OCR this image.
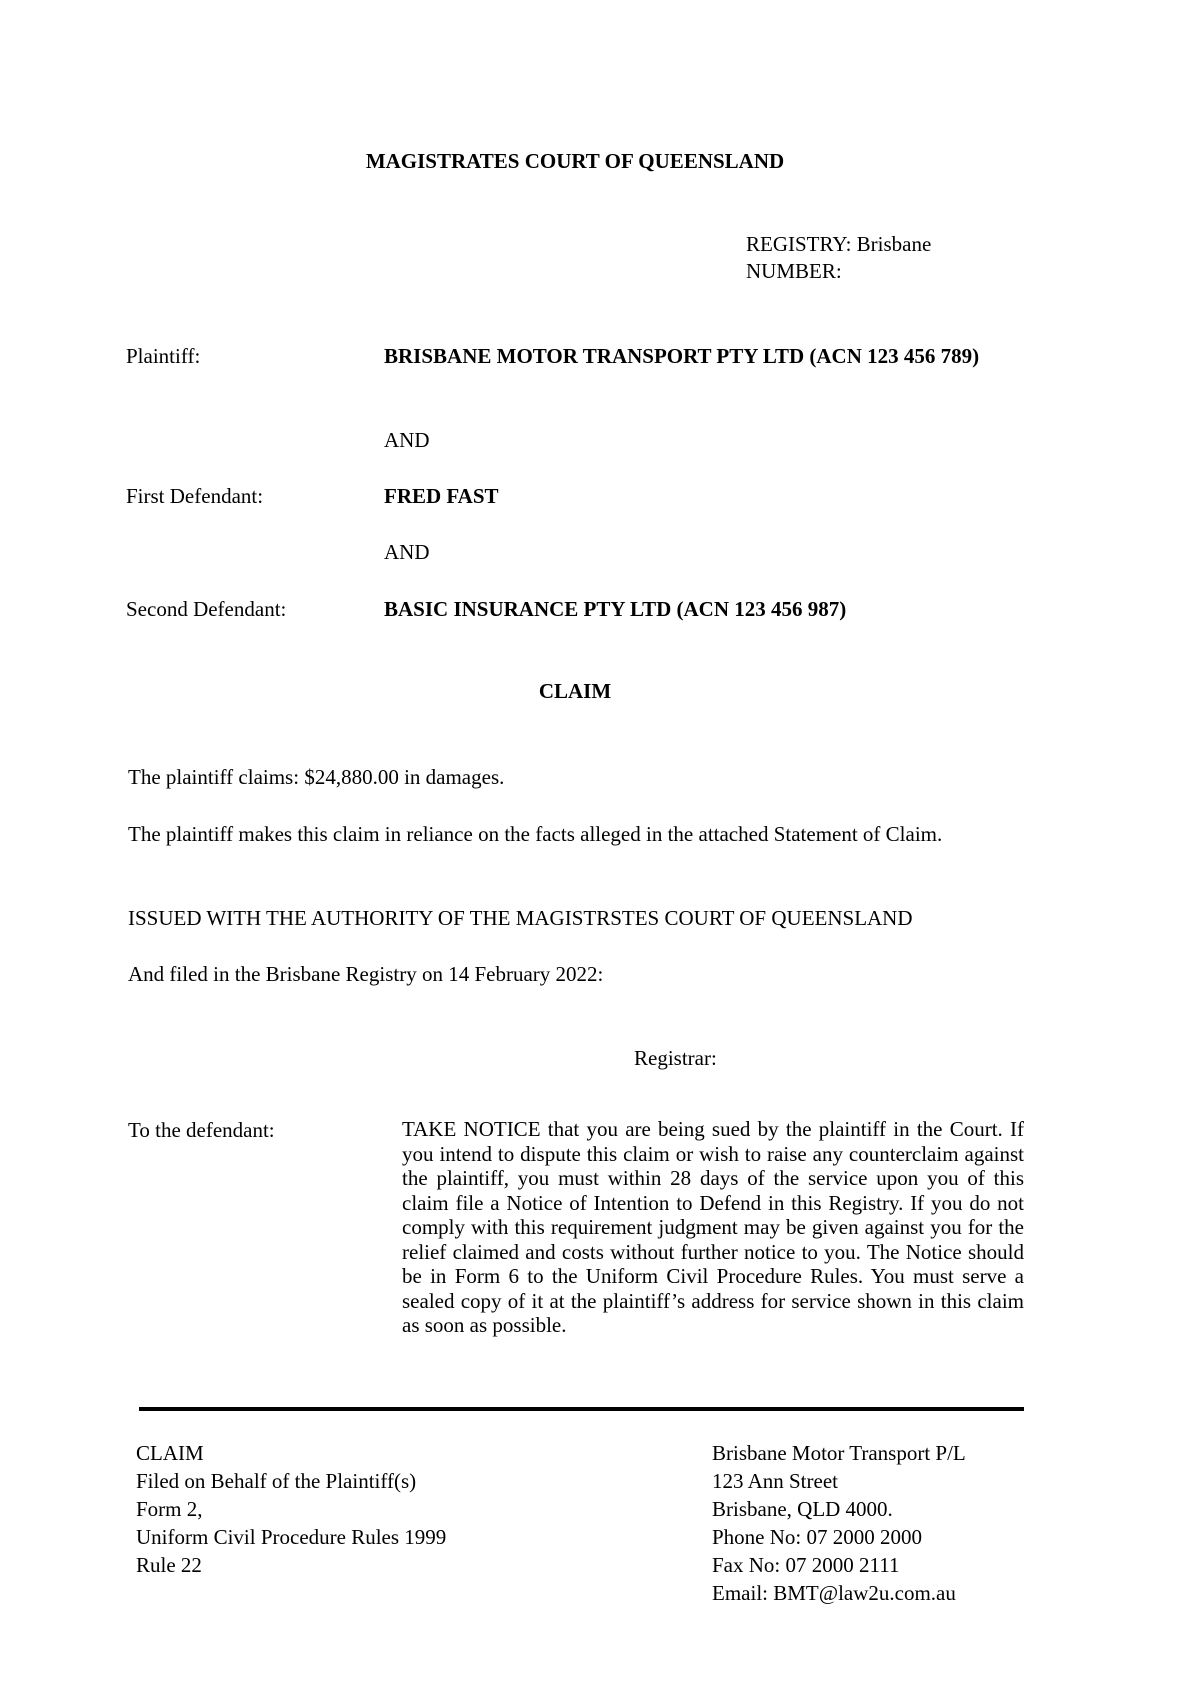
MAGISTRATES COURT OF QUEENSLAND
REGISTRY: Brisbane
NUMBER:
Plaintiff:	BRISBANE MOTOR TRANSPORT PTY LTD (ACN 123 456 789)
AND
First Defendant:	FRED FAST
AND
Second Defendant:	BASIC INSURANCE PTY LTD (ACN 123 456 987)
CLAIM
The plaintiff claims: $24,880.00 in damages.
The plaintiff makes this claim in reliance on the facts alleged in the attached Statement of Claim.
ISSUED WITH THE AUTHORITY OF THE MAGISTRSTES COURT OF QUEENSLAND
And filed in the Brisbane Registry on 14 February 2022:
Registrar:
To the defendant:	TAKE NOTICE that you are being sued by the plaintiff in the Court. If you intend to dispute this claim or wish to raise any counterclaim against the plaintiff, you must within 28 days of the service upon you of this claim file a Notice of Intention to Defend in this Registry. If you do not comply with this requirement judgment may be given against you for the relief claimed and costs without further notice to you. The Notice should be in Form 6 to the Uniform Civil Procedure Rules. You must serve a sealed copy of it at the plaintiff’s address for service shown in this claim as soon as possible.
CLAIM
Filed on Behalf of the Plaintiff(s)
Form 2,
Uniform Civil Procedure Rules 1999
Rule 22
Brisbane Motor Transport P/L
123 Ann Street
Brisbane, QLD 4000.
Phone No: 07 2000 2000
Fax No: 07 2000 2111
Email: BMT@law2u.com.au
